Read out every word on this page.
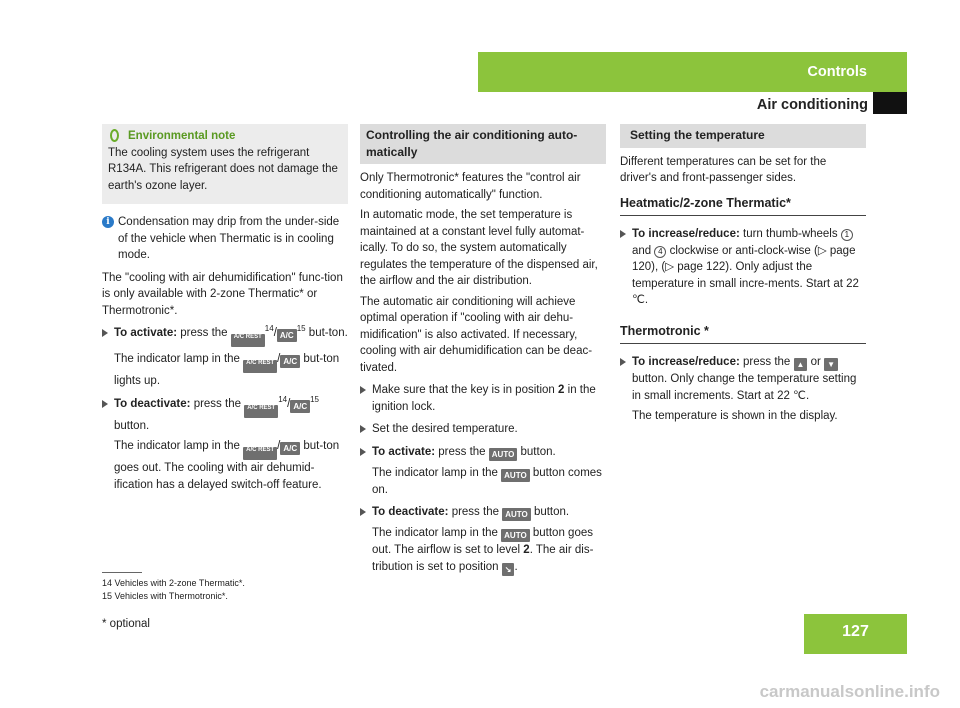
Controls
Air conditioning
Environmental note

The cooling system uses the refrigerant R134A. This refrigerant does not damage the earth's ozone layer.

i Condensation may drip from the under-side of the vehicle when Thermatic is in cooling mode.

The "cooling with air dehumidification" func-tion is only available with 2-zone Thermatic* or Thermotronic*.

To activate: press the A/C REST$^{14}$/ $A/C^{15}$ but-ton.

The indicator lamp in the A/C REST / A/C but-ton lights up.

To deactivate: press the A/C REST$^{14}$/ $A/C^{15}$ button.

The indicator lamp in the A/C REST / A/C but-ton goes out. The cooling with air dehumid-ification has a delayed switch-off feature.

Controlling the air conditioning auto-matically

Only Thermotronic* features the "control air conditioning automatically" function.

In automatic mode, the set temperature is maintained at a constant level fully automat-ically. To do so, the system automatically regulates the temperature of the dispensed air, the airflow and the air distribution.

The automatic air conditioning will achieve optimal operation if "cooling with air dehu-midification" is also activated. If necessary, cooling with air dehumidification can be deac-tivated.

Make sure that the key is in position 2 in the ignition lock.
Set the desired temperature.
To activate: press the AUTO button.

The indicator lamp in the AUTO button comes on.

To deactivate: press the AUTO button.

The indicator lamp in the AUTO button goes out. The airflow is set to level 2. The air dis-tribution is set to position ↘ .

Setting the temperature

Different temperatures can be set for the driver's and front-passenger sides.

Heatmatic/2-zone Thermatic*
To increase/reduce: turn thumb-wheels 1 and 4 clockwise or anti-clock-wise (▷ page 120), (▷ page 122). Only adjust the temperature in small incre-ments. Start at 22 ℃.
Thermotronic *
To increase/reduce: press the ▲ or ▼ button. Only change the temperature setting in small increments. Start at 22 ℃.

The temperature is shown in the display.

14 Vehicles with 2-zone Thermatic*.
15 Vehicles with Thermotronic*.
* optional	127
carmanualsonline.info
